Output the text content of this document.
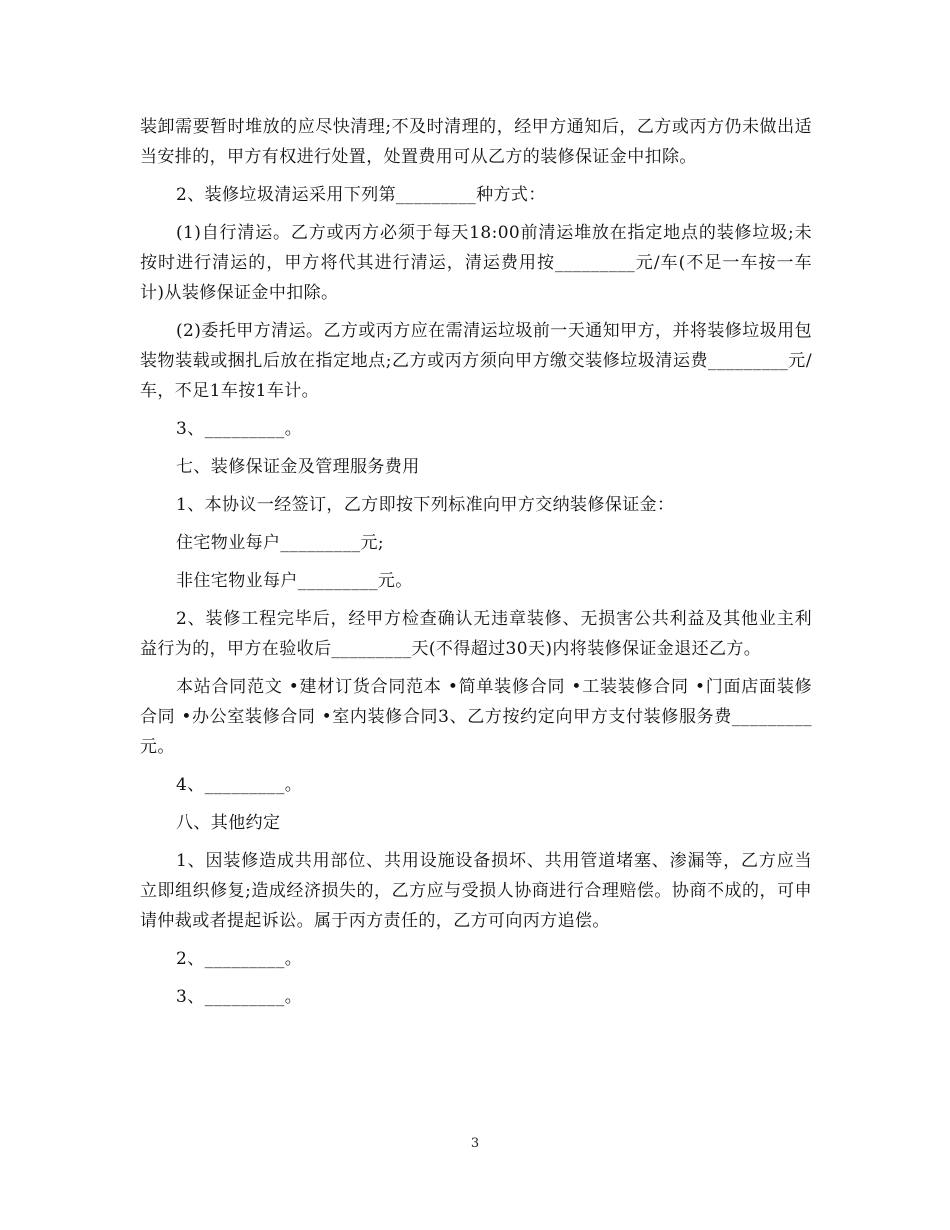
装卸需要暂时堆放的应尽快清理;不及时清理的，经甲方通知后，乙方或丙方仍未做出适当安排的，甲方有权进行处置，处置费用可从乙方的装修保证金中扣除。

2、装修垃圾清运采用下列第_________种方式：

(1)自行清运。乙方或丙方必须于每天18:00前清运堆放在指定地点的装修垃圾;未按时进行清运的，甲方将代其进行清运，清运费用按_________元/车(不足一车按一车计)从装修保证金中扣除。

(2)委托甲方清运。乙方或丙方应在需清运垃圾前一天通知甲方，并将装修垃圾用包装物装载或捆扎后放在指定地点;乙方或丙方须向甲方缴交装修垃圾清运费_________元/车，不足1车按1车计。

3、_________。

七、装修保证金及管理服务费用

1、本协议一经签订，乙方即按下列标准向甲方交纳装修保证金：

住宅物业每户_________元;

非住宅物业每户_________元。

2、装修工程完毕后，经甲方检查确认无违章装修、无损害公共利益及其他业主利益行为的，甲方在验收后_________天(不得超过30天)内将装修保证金退还乙方。

本站合同范文 •建材订货合同范本 •简单装修合同 •工装装修合同 •门面店面装修合同 •办公室装修合同 •室内装修合同3、乙方按约定向甲方支付装修服务费_________元。

4、_________。

八、其他约定

1、因装修造成共用部位、共用设施设备损坏、共用管道堵塞、渗漏等，乙方应当立即组织修复;造成经济损失的，乙方应与受损人协商进行合理赔偿。协商不成的，可申请仲裁或者提起诉讼。属于丙方责任的，乙方可向丙方追偿。

2、_________。

3、_________。

3
